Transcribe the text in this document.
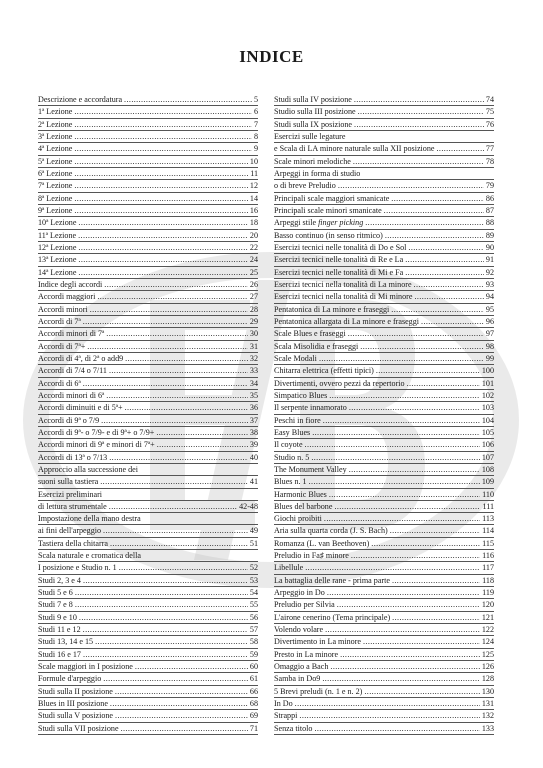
INDICE
Descrizione e accordatura .....	5
1ª Lezione .....	6
2ª Lezione .....	7
3ª Lezione .....	8
4ª Lezione .....	9
5ª Lezione .....	10
6ª Lezione .....	11
7ª Lezione .....	12
8ª Lezione .....	14
9ª Lezione .....	16
10ª Lezione .....	18
11ª Lezione .....	20
12ª Lezione .....	22
13ª Lezione .....	24
14ª Lezione .....	25
Indice degli accordi .....	26
Accordi maggiori .....	27
Accordi minori .....	28
Accordi di 7ª .....	29
Accordi minori di 7ª .....	30
Accordi di 7ª+ .....	31
Accordi di 4ª, di 2ª o add9 .....	32
Accordi di 7/4 o 7/11 .....	33
Accordi di 6ª .....	34
Accordi minori di 6ª .....	35
Accordi diminuiti e di 5ª+ .....	36
Accordi di 9ª o 7/9 .....	37
Accordi di 9ª- o 7/9- e di 9ª+ o 7/9+ .....	38
Accordi minori di 9ª e minori di 7ª+ .....	39
Accordi di 13ª o 7/13 .....	40
Approccio alla successione dei
suoni sulla tastiera .....	41
Esercizi preliminari
di lettura strumentale .....	42-48
Impostazione della mano destra
ai fini dell'arpeggio .....	49
Tastiera della chitarra .....	51
Scala naturale e cromatica della
I posizione e Studio n. 1 .....	52
Studi 2, 3 e 4 .....	53
Studi 5 e 6 .....	54
Studi 7 e 8 .....	55
Studi 9 e 10 .....	56
Studi 11 e 12 .....	57
Studi 13, 14 e 15 .....	58
Studi 16 e 17 .....	59
Scale maggiori in I posizione .....	60
Formule d'arpeggio .....	61
Studi sulla II posizione .....	66
Blues in III posizione .....	68
Studi sulla V posizione .....	69
Studi sulla VII posizione .....	71
Studi sulla IV posizione .....	74
Studio sulla III posizione .....	75
Studi sulla IX posizione .....	76
Esercizi sulle legature
e Scala di LA minore naturale sulla XII posizione .....	77
Scale minori melodiche .....	78
Arpeggi in forma di studio
o di breve Preludio .....	79
Principali scale maggiori smanicate .....	86
Principali scale minori smanicate .....	87
Arpeggi stile finger picking .....	88
Basso continuo (in senso ritmico) .....	89
Esercizi tecnici nelle tonalità di Do e Sol .....	90
Esercizi tecnici nelle tonalità di Re e La .....	91
Esercizi tecnici nelle tonalità di Mi e Fa .....	92
Esercizi tecnici nella tonalità di La minore .....	93
Esercizi tecnici nella tonalità di Mi minore .....	94
Pentatonica di La minore e fraseggi .....	95
Pentatonica allargata di La minore e fraseggi .....	96
Scale Blues e fraseggi .....	97
Scala Misolidia e fraseggi .....	98
Scale Modali .....	99
Chitarra elettrica (effetti tipici) .....	100
Divertimenti, ovvero pezzi da repertorio .....	101
Simpatico Blues .....	102
Il serpente innamorato .....	103
Peschi in fiore .....	104
Easy Blues .....	105
Il coyote .....	106
Studio n. 5 .....	107
The Monument Valley .....	108
Blues n. 1 .....	109
Harmonic Blues .....	110
Blues del barbone .....	111
Giochi proibiti .....	113
Aria sulla quarta corda (J. S. Bach) .....	114
Romanza (L. van Beethoven) .....	115
Preludio in Fa♯ minore .....	116
Libellule .....	117
La battaglia delle rane - prima parte .....	118
Arpeggio in Do .....	119
Preludio per Silvia .....	120
L'airone cenerino (Tema principale) .....	121
Volendo volare .....	122
Divertimento in La minore .....	124
Presto in La minore .....	125
Omaggio a Bach .....	126
Samba in Do9 .....	128
5 Brevi preludi (n. 1 e n. 2) .....	130
In Do .....	131
Strappi .....	132
Senza titolo .....	133
